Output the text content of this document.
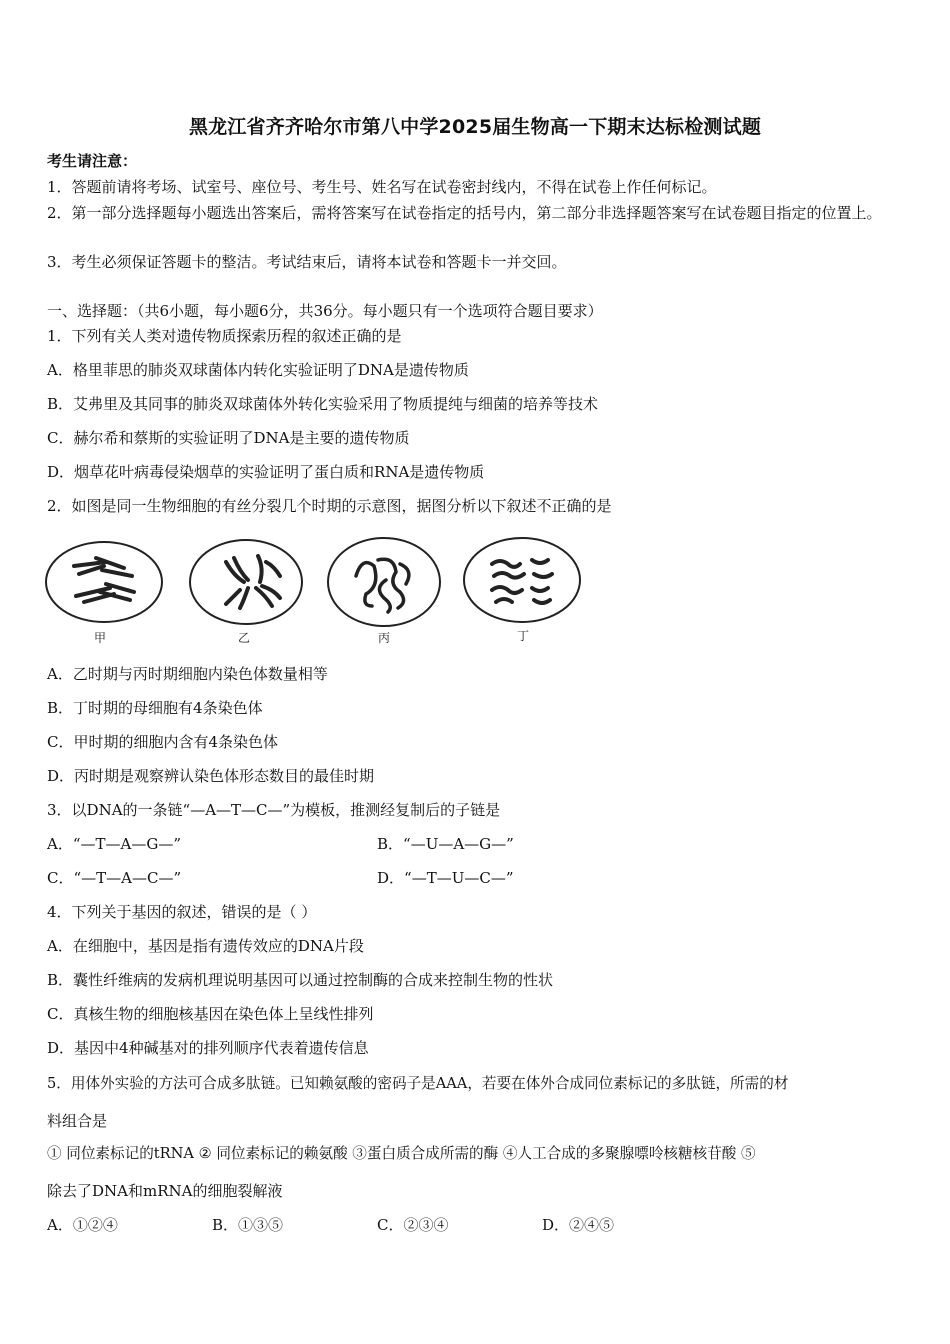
黑龙江省齐齐哈尔市第八中学2025届生物高一下期末达标检测试题
考生请注意：
1．答题前请将考场、试室号、座位号、考生号、姓名写在试卷密封线内，不得在试卷上作任何标记。
2．第一部分选择题每小题选出答案后，需将答案写在试卷指定的括号内，第二部分非选择题答案写在试卷题目指定的位置上。
3．考生必须保证答题卡的整洁。考试结束后，请将本试卷和答题卡一并交回。
一、选择题：（共6小题，每小题6分，共36分。每小题只有一个选项符合题目要求）
1．下列有关人类对遗传物质探索历程的叙述正确的是
A．格里菲思的肺炎双球菌体内转化实验证明了DNA是遗传物质
B．艾弗里及其同事的肺炎双球菌体外转化实验采用了物质提纯与细菌的培养等技术
C．赫尔希和蔡斯的实验证明了DNA是主要的遗传物质
D．烟草花叶病毒侵染烟草的实验证明了蛋白质和RNA是遗传物质
2．如图是同一生物细胞的有丝分裂几个时期的示意图，据图分析以下叙述不正确的是
甲	乙	丙	丁
A．乙时期与丙时期细胞内染色体数量相等
B．丁时期的母细胞有4条染色体
C．甲时期的细胞内含有4条染色体
D．丙时期是观察辨认染色体形态数目的最佳时期
3．以DNA的一条链“—A—T—C—”为模板，推测经复制后的子链是
A．“—T—A—G—”	B．“—U—A—G—”
C．“—T—A—C—”	D．“—T—U—C—”
4．下列关于基因的叙述，错误的是（ ）
A．在细胞中，基因是指有遗传效应的DNA片段
B．囊性纤维病的发病机理说明基因可以通过控制酶的合成来控制生物的性状
C．真核生物的细胞核基因在染色体上呈线性排列
D．基因中4种碱基对的排列顺序代表着遗传信息
5．用体外实验的方法可合成多肽链。已知赖氨酸的密码子是AAA，若要在体外合成同位素标记的多肽链，所需的材
料组合是
① 同位素标记的tRNA ② 同位素标记的赖氨酸 ③蛋白质合成所需的酶 ④人工合成的多聚腺嘌呤核糖核苷酸 ⑤
除去了DNA和mRNA的细胞裂解液
A．①②④	B．①③⑤	C．②③④	D．②④⑤
